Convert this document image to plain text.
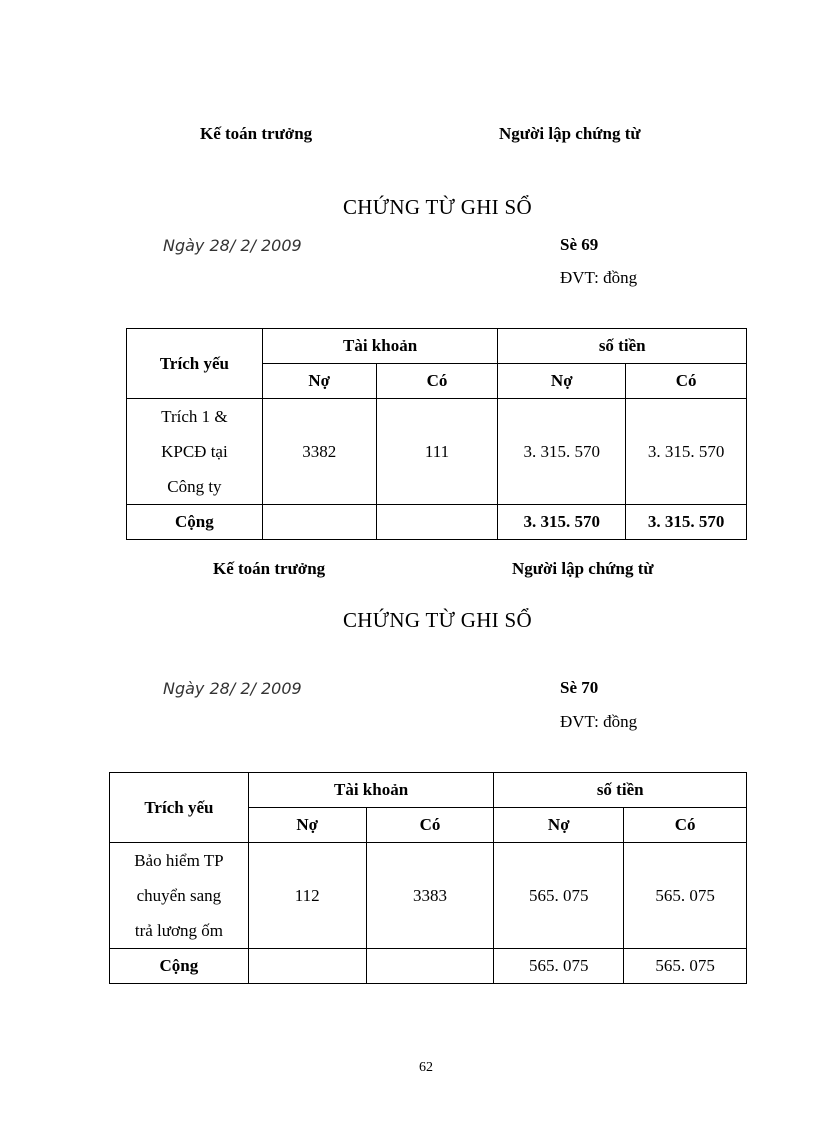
Kế toán trưởng	Người lập chứng từ
CHỨNG TỪ GHI SỔ
Ngày 28/ 2/ 2009	Sè 69
ĐVT: đồng
Trích yếu	Tài khoản		số tiền	
	Nợ	Có	Nợ	Có

Trích 1 &
KPCĐ tại
Công ty	3382	111	3. 315. 570	3. 315. 570
Cộng			3. 315. 570	3. 315. 570
Kế toán trưởng	Người lập chứng từ
CHỨNG TỪ GHI SỔ
Ngày 28/ 2/ 2009	Sè 70
ĐVT: đồng
Trích yếu	Tài khoản		số tiền	
	Nợ	Có	Nợ	Có

Bảo hiểm TP
chuyển sang
trả lương ốm	112	3383	565. 075	565. 075
Cộng			565. 075	565. 075
62
